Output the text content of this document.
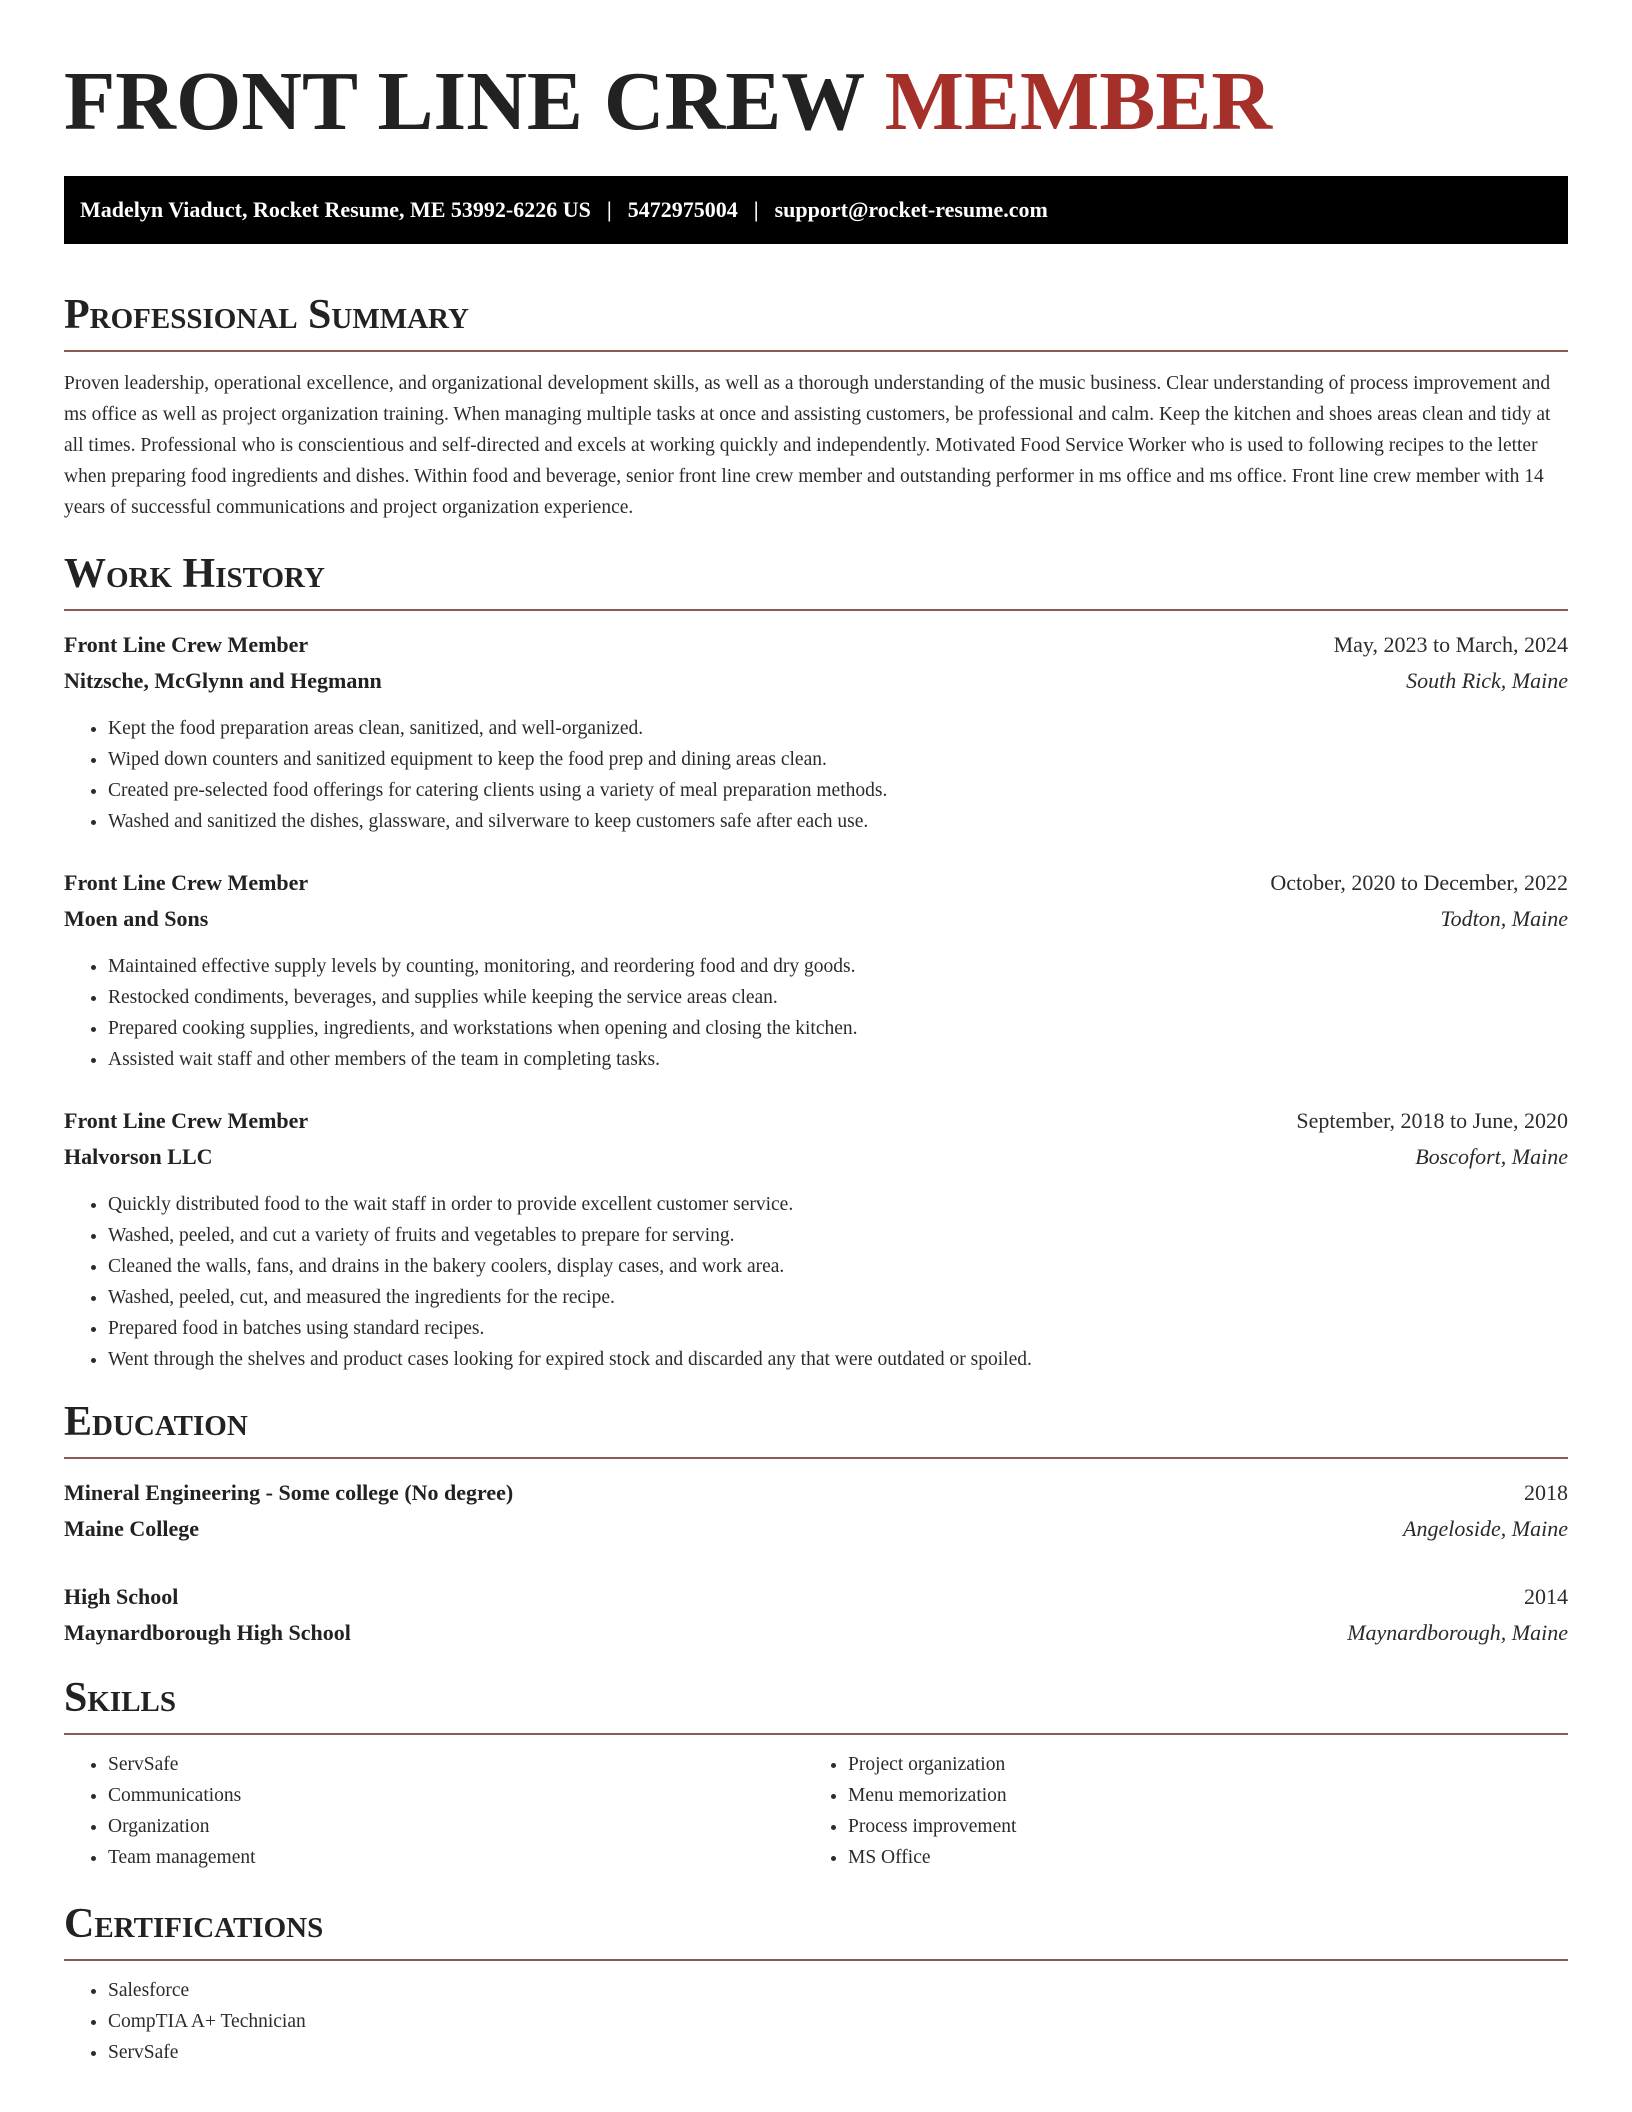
FRONT LINE CREW MEMBER
Madelyn Viaduct, Rocket Resume, ME 53992-6226 US | 5472975004 | support@rocket-resume.com
Professional Summary

Proven leadership, operational excellence, and organizational development skills, as well as a thorough understanding of the music business. Clear understanding of process improvement and ms office as well as project organization training. When managing multiple tasks at once and assisting customers, be professional and calm. Keep the kitchen and shoes areas clean and tidy at all times. Professional who is conscientious and self-directed and excels at working quickly and independently. Motivated Food Service Worker who is used to following recipes to the letter when preparing food ingredients and dishes. Within food and beverage, senior front line crew member and outstanding performer in ms office and ms office. Front line crew member with 14 years of successful communications and project organization experience.

Work History
Front Line Crew Member	May, 2023 to March, 2024
Nitzsche, McGlynn and Hegmann	South Rick, Maine
• Kept the food preparation areas clean, sanitized, and well-organized.
• Wiped down counters and sanitized equipment to keep the food prep and dining areas clean.
• Created pre-selected food offerings for catering clients using a variety of meal preparation methods.
• Washed and sanitized the dishes, glassware, and silverware to keep customers safe after each use.
Front Line Crew Member	October, 2020 to December, 2022
Moen and Sons	Todton, Maine
• Maintained effective supply levels by counting, monitoring, and reordering food and dry goods.
• Restocked condiments, beverages, and supplies while keeping the service areas clean.
• Prepared cooking supplies, ingredients, and workstations when opening and closing the kitchen.
• Assisted wait staff and other members of the team in completing tasks.
Front Line Crew Member	September, 2018 to June, 2020
Halvorson LLC	Boscofort, Maine
• Quickly distributed food to the wait staff in order to provide excellent customer service.
• Washed, peeled, and cut a variety of fruits and vegetables to prepare for serving.
• Cleaned the walls, fans, and drains in the bakery coolers, display cases, and work area.
• Washed, peeled, cut, and measured the ingredients for the recipe.
• Prepared food in batches using standard recipes.
• Went through the shelves and product cases looking for expired stock and discarded any that were outdated or spoiled.
Education
Mineral Engineering - Some college (No degree)	2018
Maine College	Angeloside, Maine
High School	2014
Maynardborough High School	Maynardborough, Maine
Skills
• ServSafe
• Communications
• Organization
• Team management
• Project organization
• Menu memorization
• Process improvement
• MS Office
Certifications
• Salesforce
• CompTIA A+ Technician
• ServSafe
